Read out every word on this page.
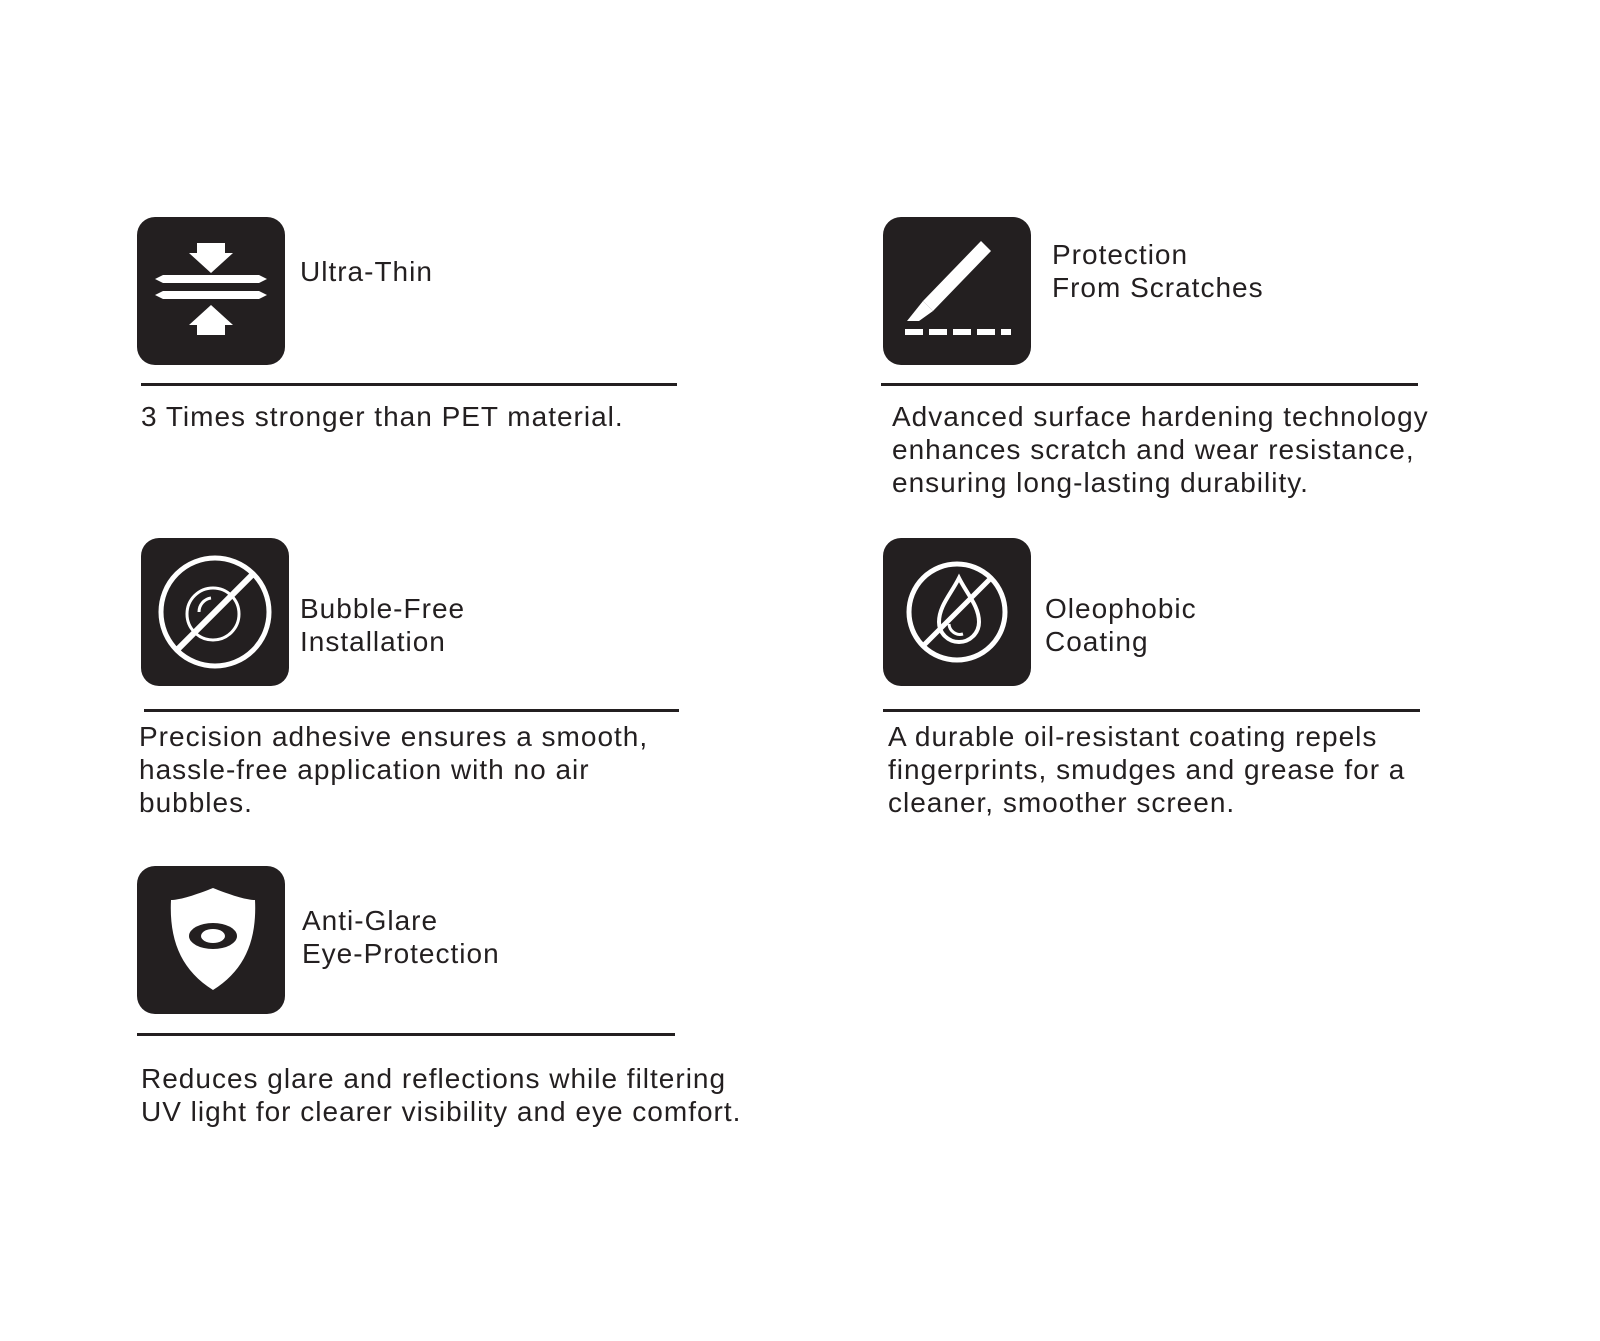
Ultra-Thin
3 Times stronger than PET material.
Protection
From Scratches
Advanced surface hardening technology
enhances scratch and wear resistance,
ensuring long-lasting durability.
Bubble-Free
Installation
Precision adhesive ensures a smooth,
hassle-free application with no air
bubbles.
Oleophobic
Coating
A durable oil-resistant coating repels
fingerprints, smudges and grease for a
cleaner, smoother screen.
Anti-Glare
Eye-Protection
Reduces glare and reflections while filtering
UV light for clearer visibility and eye comfort.
